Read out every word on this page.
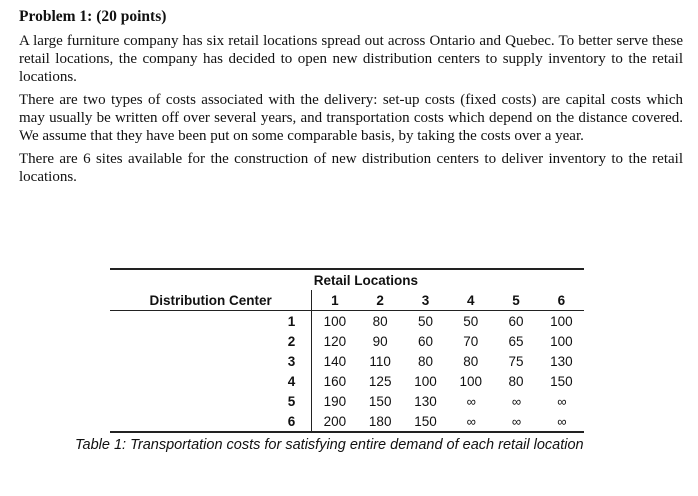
Problem 1: (20 points)

A large furniture company has six retail locations spread out across Ontario and Quebec. To better serve these retail locations, the company has decided to open new distribution centers to supply inventory to the retail locations.

There are two types of costs associated with the delivery: set-up costs (fixed costs) are capital costs which may usually be written off over several years, and transportation costs which depend on the distance covered. We assume that they have been put on some comparable basis, by taking the costs over a year.

There are 6 sites available for the construction of new distribution centers to deliver inventory to the retail locations.

	Retail Locations					
Distribution Center	1	2	3	4	5	6
1	100	80	50	50	60	100
2	120	90	60	70	65	100
3	140	110	80	80	75	130
4	160	125	100	100	80	150
5	190	150	130	∞	∞	∞
6	200	180	150	∞	∞	∞
Table 1: Transportation costs for satisfying entire demand of each retail location
